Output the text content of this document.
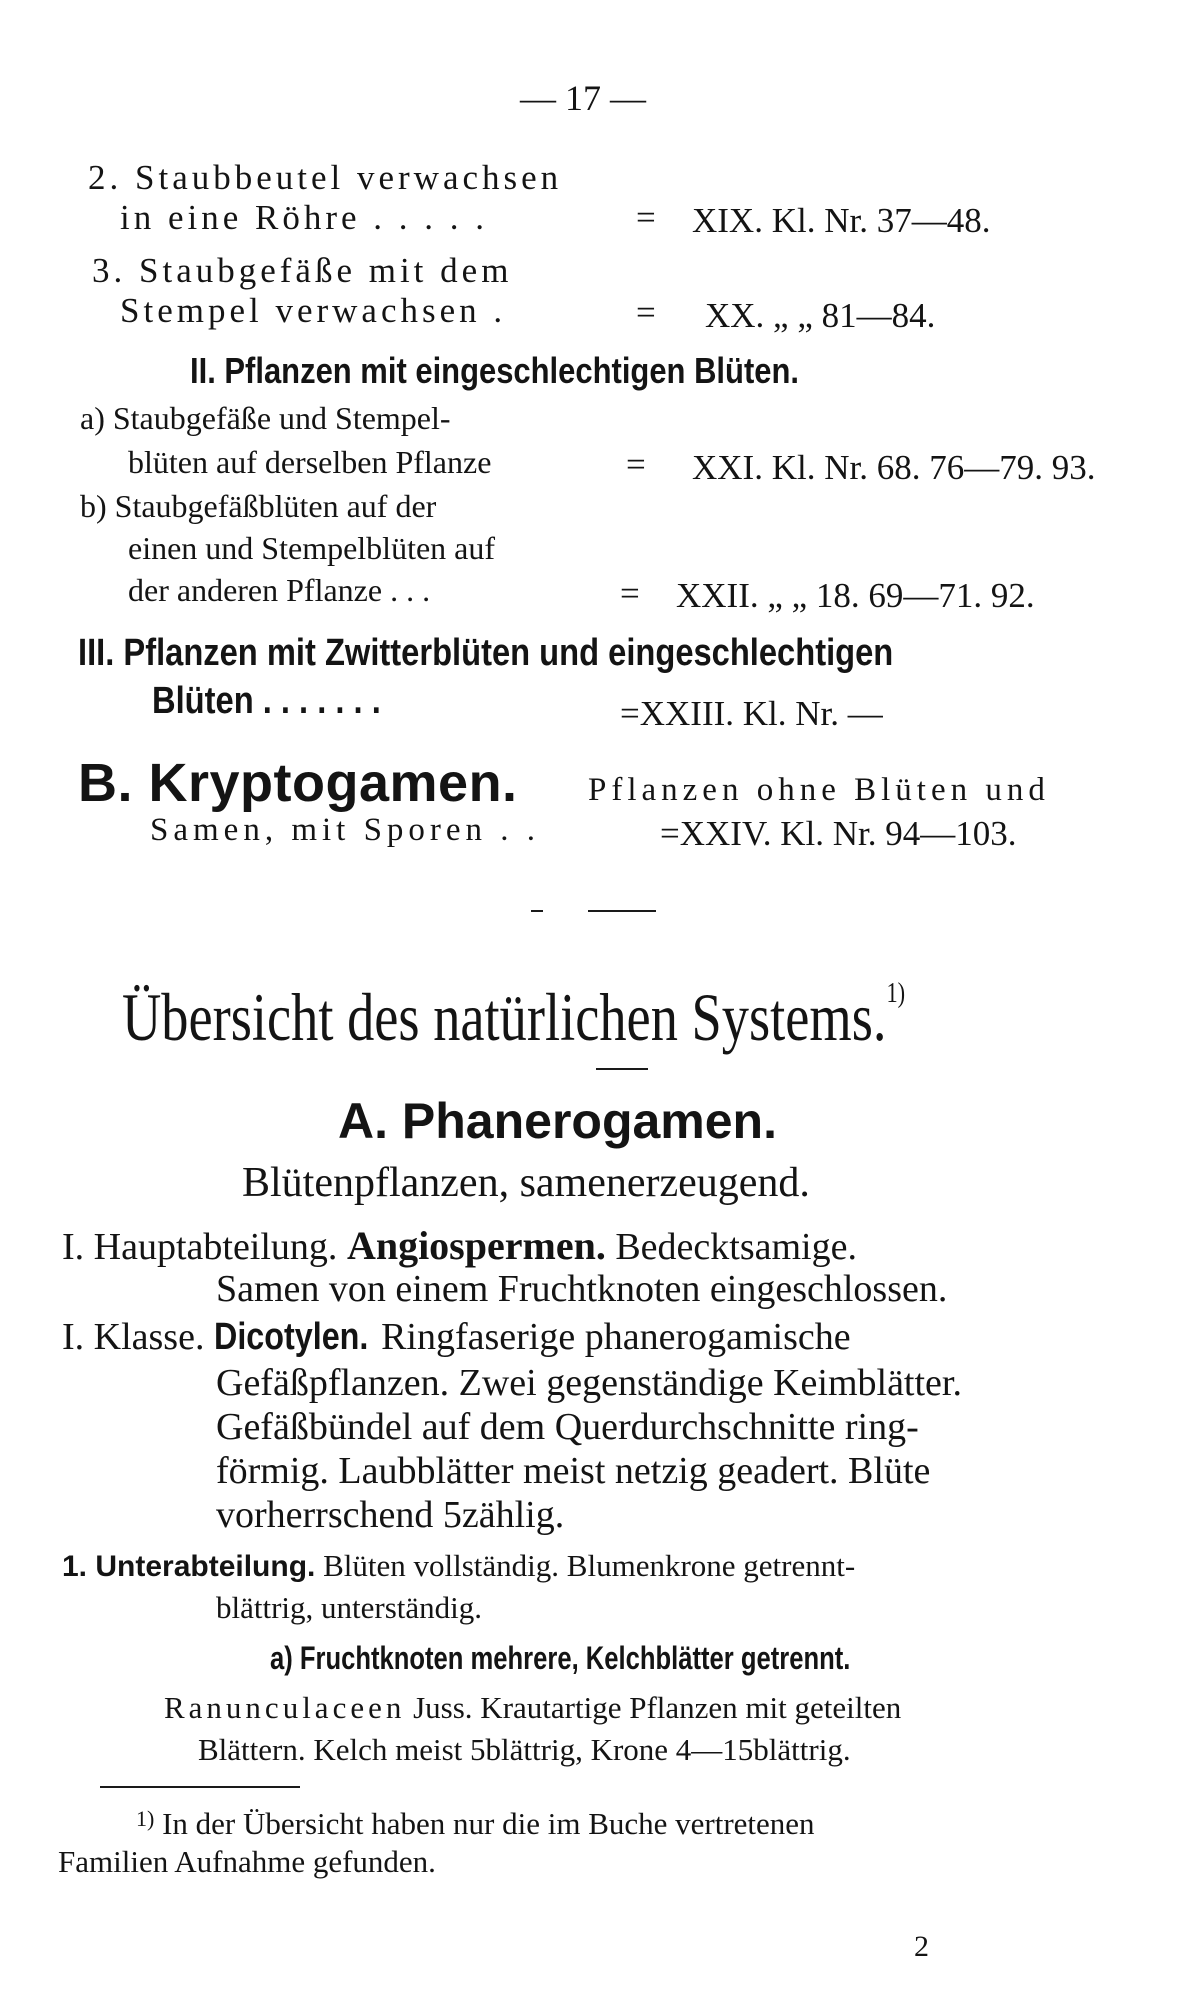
— 17 —
2. Staubbeutel verwachsen
in eine Röhre . . . . .	= XIX. Kl. Nr. 37—48.
3. Staubgefäße mit dem
Stempel verwachsen .	= XX. „ „ 81—84.
II. Pflanzen mit eingeschlechtigen Blüten.
a) Staubgefäße und Stempel-
blüten auf derselben Pflanze	= XXI. Kl. Nr. 68. 76—79. 93.
b) Staubgefäßblüten auf der
einen und Stempelblüten auf
der anderen Pflanze . . .	= XXII. „ „ 18. 69—71. 92.
III. Pflanzen mit Zwitterblüten und eingeschlechtigen
Blüten . . . . . . .	=XXIII. Kl. Nr. —
B. Kryptogamen. Pflanzen ohne Blüten und
Samen, mit Sporen . .	=XXIV. Kl. Nr. 94—103.
Übersicht des natürlichen Systems.$^{1)}$
A. Phanerogamen.
Blütenpflanzen, samenerzeugend.
I. Hauptabteilung. Angiospermen. Bedecktsamige.
Samen von einem Fruchtknoten eingeschlossen.
I. Klasse. Dicotylen. Ringfaserige phanerogamische
Gefäßpflanzen. Zwei gegenständige Keimblätter.
Gefäßbündel auf dem Querdurchschnitte ring-
förmig. Laubblätter meist netzig geadert. Blüte
vorherrschend 5zählig.
1. Unterabteilung. Blüten vollständig. Blumenkrone getrennt-
blättrig, unterständig.
a) Fruchtknoten mehrere, Kelchblätter getrennt.
Ranunculaceen Juss. Krautartige Pflanzen mit geteilten
Blättern. Kelch meist 5blättrig, Krone 4—15blättrig.
$^{1)}$ In der Übersicht haben nur die im Buche vertretenen
Familien Aufnahme gefunden.
2
